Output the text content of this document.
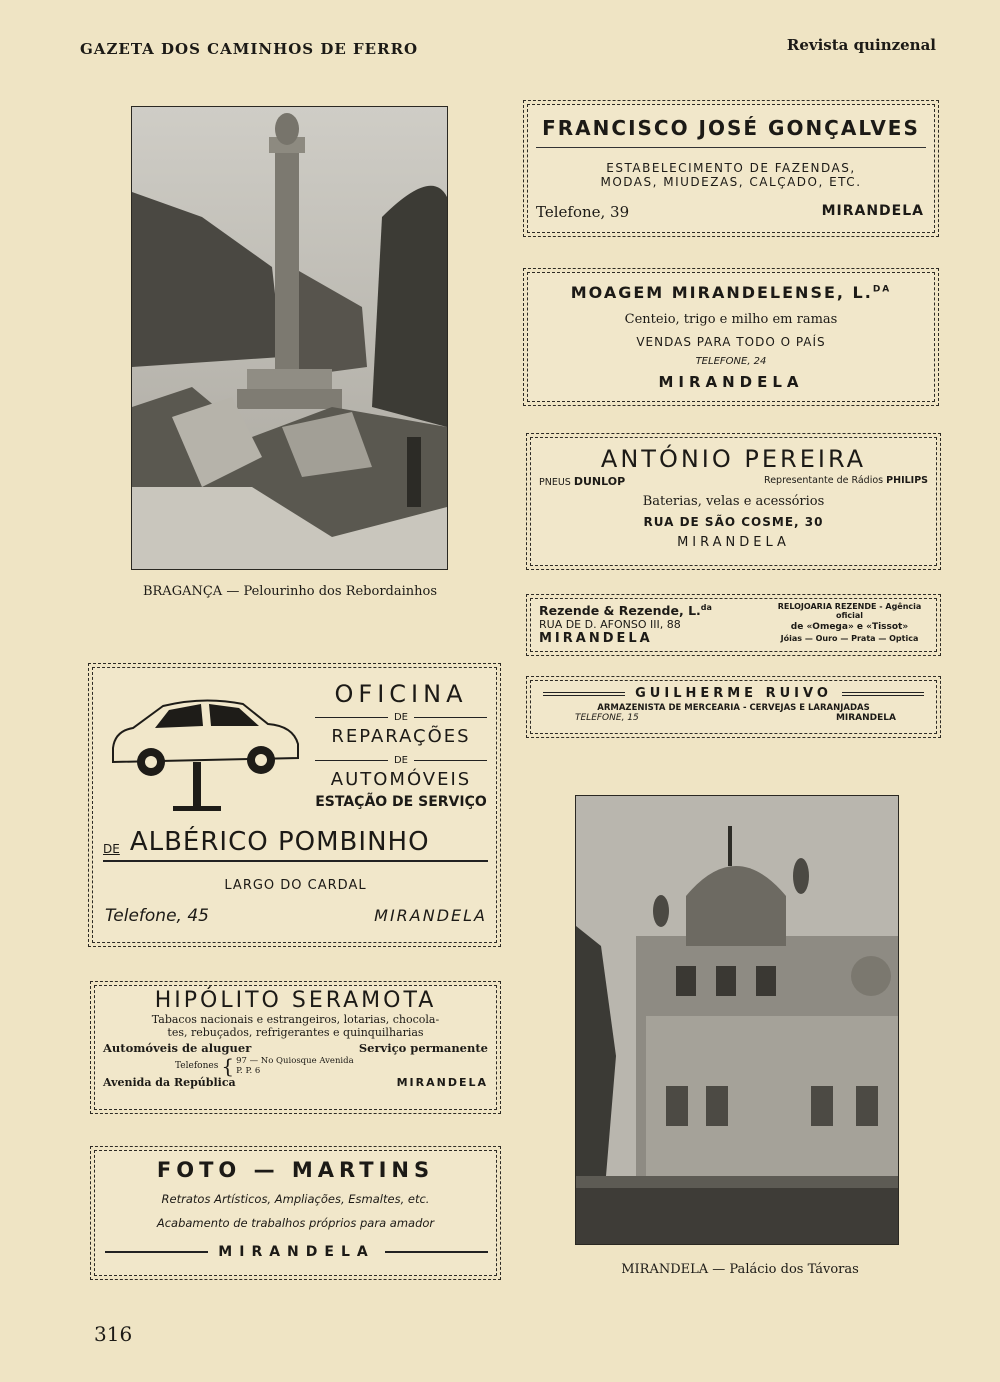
GAZETA DOS CAMINHOS DE FERRO	Revista quinzenal
BRAGANÇA — Pelourinho dos Rebordainhos
MIRANDELA — Palácio dos Távoras
FRANCISCO JOSÉ GONÇALVES
ESTABELECIMENTO DE FAZENDAS,
MODAS, MIUDEZAS, CALÇADO, ETC.
Telefone, 39	MIRANDELA
MOAGEM MIRANDELENSE, L.$^{DA}$
Centeio, trigo e milho em ramas
VENDAS PARA TODO O PAÍS
TELEFONE, 24
MIRANDELA
ANTÓNIO PEREIRA
PNEUS DUNLOP	Representante de Rádios PHILIPS
Baterias, velas e acessórios
RUA DE SÃO COSME, 30
MIRANDELA
Rezende & Rezende, L.$^{da}$
RUA DE D. AFONSO III, 88
MIRANDELA
RELOJOARIA REZENDE - Agência oficial
de «Omega» e «Tissot»
Jóias — Ouro — Prata — Optica
GUILHERME RUIVO
ARMAZENISTA DE MERCEARIA - CERVEJAS E LARANJADAS
TELEFONE, 15	MIRANDELA
OFICINA
DE
REPARAÇÕES
DE
AUTOMÓVEIS
ESTAÇÃO DE SERVIÇO
DE ALBÉRICO POMBINHO
LARGO DO CARDAL
Telefone, 45	MIRANDELA
HIPÓLITO SERAMOTA
Tabacos nacionais e estrangeiros, lotarias, chocola-
tes, rebuçados, refrigerantes e quinquilharias
Automóveis de aluguer	Serviço permanente
Telefones { 97 — No Quiosque Avenida
P. P. 6
Avenida da República	MIRANDELA
FOTO — MARTINS
Retratos Artísticos, Ampliações, Esmaltes, etc.
Acabamento de trabalhos próprios para amador
MIRANDELA
316
